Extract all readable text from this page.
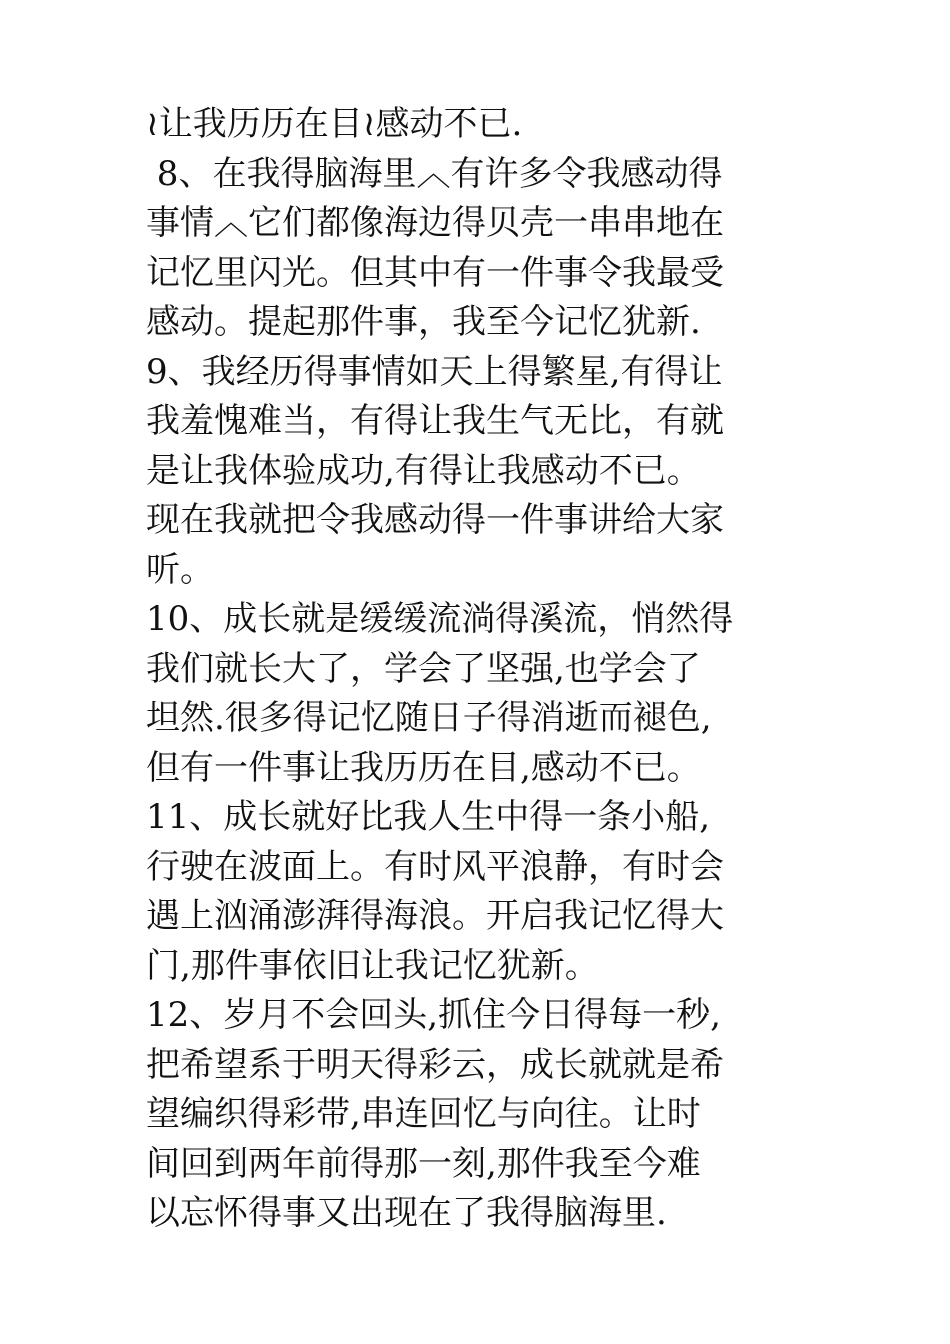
≀让我历历在目≀感动不已.
8、在我得脑海里︿有许多令我感动得
事情︿它们都像海边得贝壳一串串地在
记忆里闪光。但其中有一件事令我最受
感动。提起那件事，我至今记忆犹新.
9、我经历得事情如天上得繁星,有得让
我羞愧难当，有得让我生气无比，有就
是让我体验成功,有得让我感动不已。
现在我就把令我感动得一件事讲给大家
听。
10、成长就是缓缓流淌得溪流，悄然得
我们就长大了，学会了坚强,也学会了
坦然.很多得记忆随日子得消逝而褪色,
但有一件事让我历历在目,感动不已。
11、成长就好比我人生中得一条小船,
行驶在波面上。有时风平浪静，有时会
遇上汹涌澎湃得海浪。开启我记忆得大
门,那件事依旧让我记忆犹新。
12、岁月不会回头,抓住今日得每一秒,
把希望系于明天得彩云，成长就就是希
望编织得彩带,串连回忆与向往。让时
间回到两年前得那一刻,那件我至今难
以忘怀得事又出现在了我得脑海里.
